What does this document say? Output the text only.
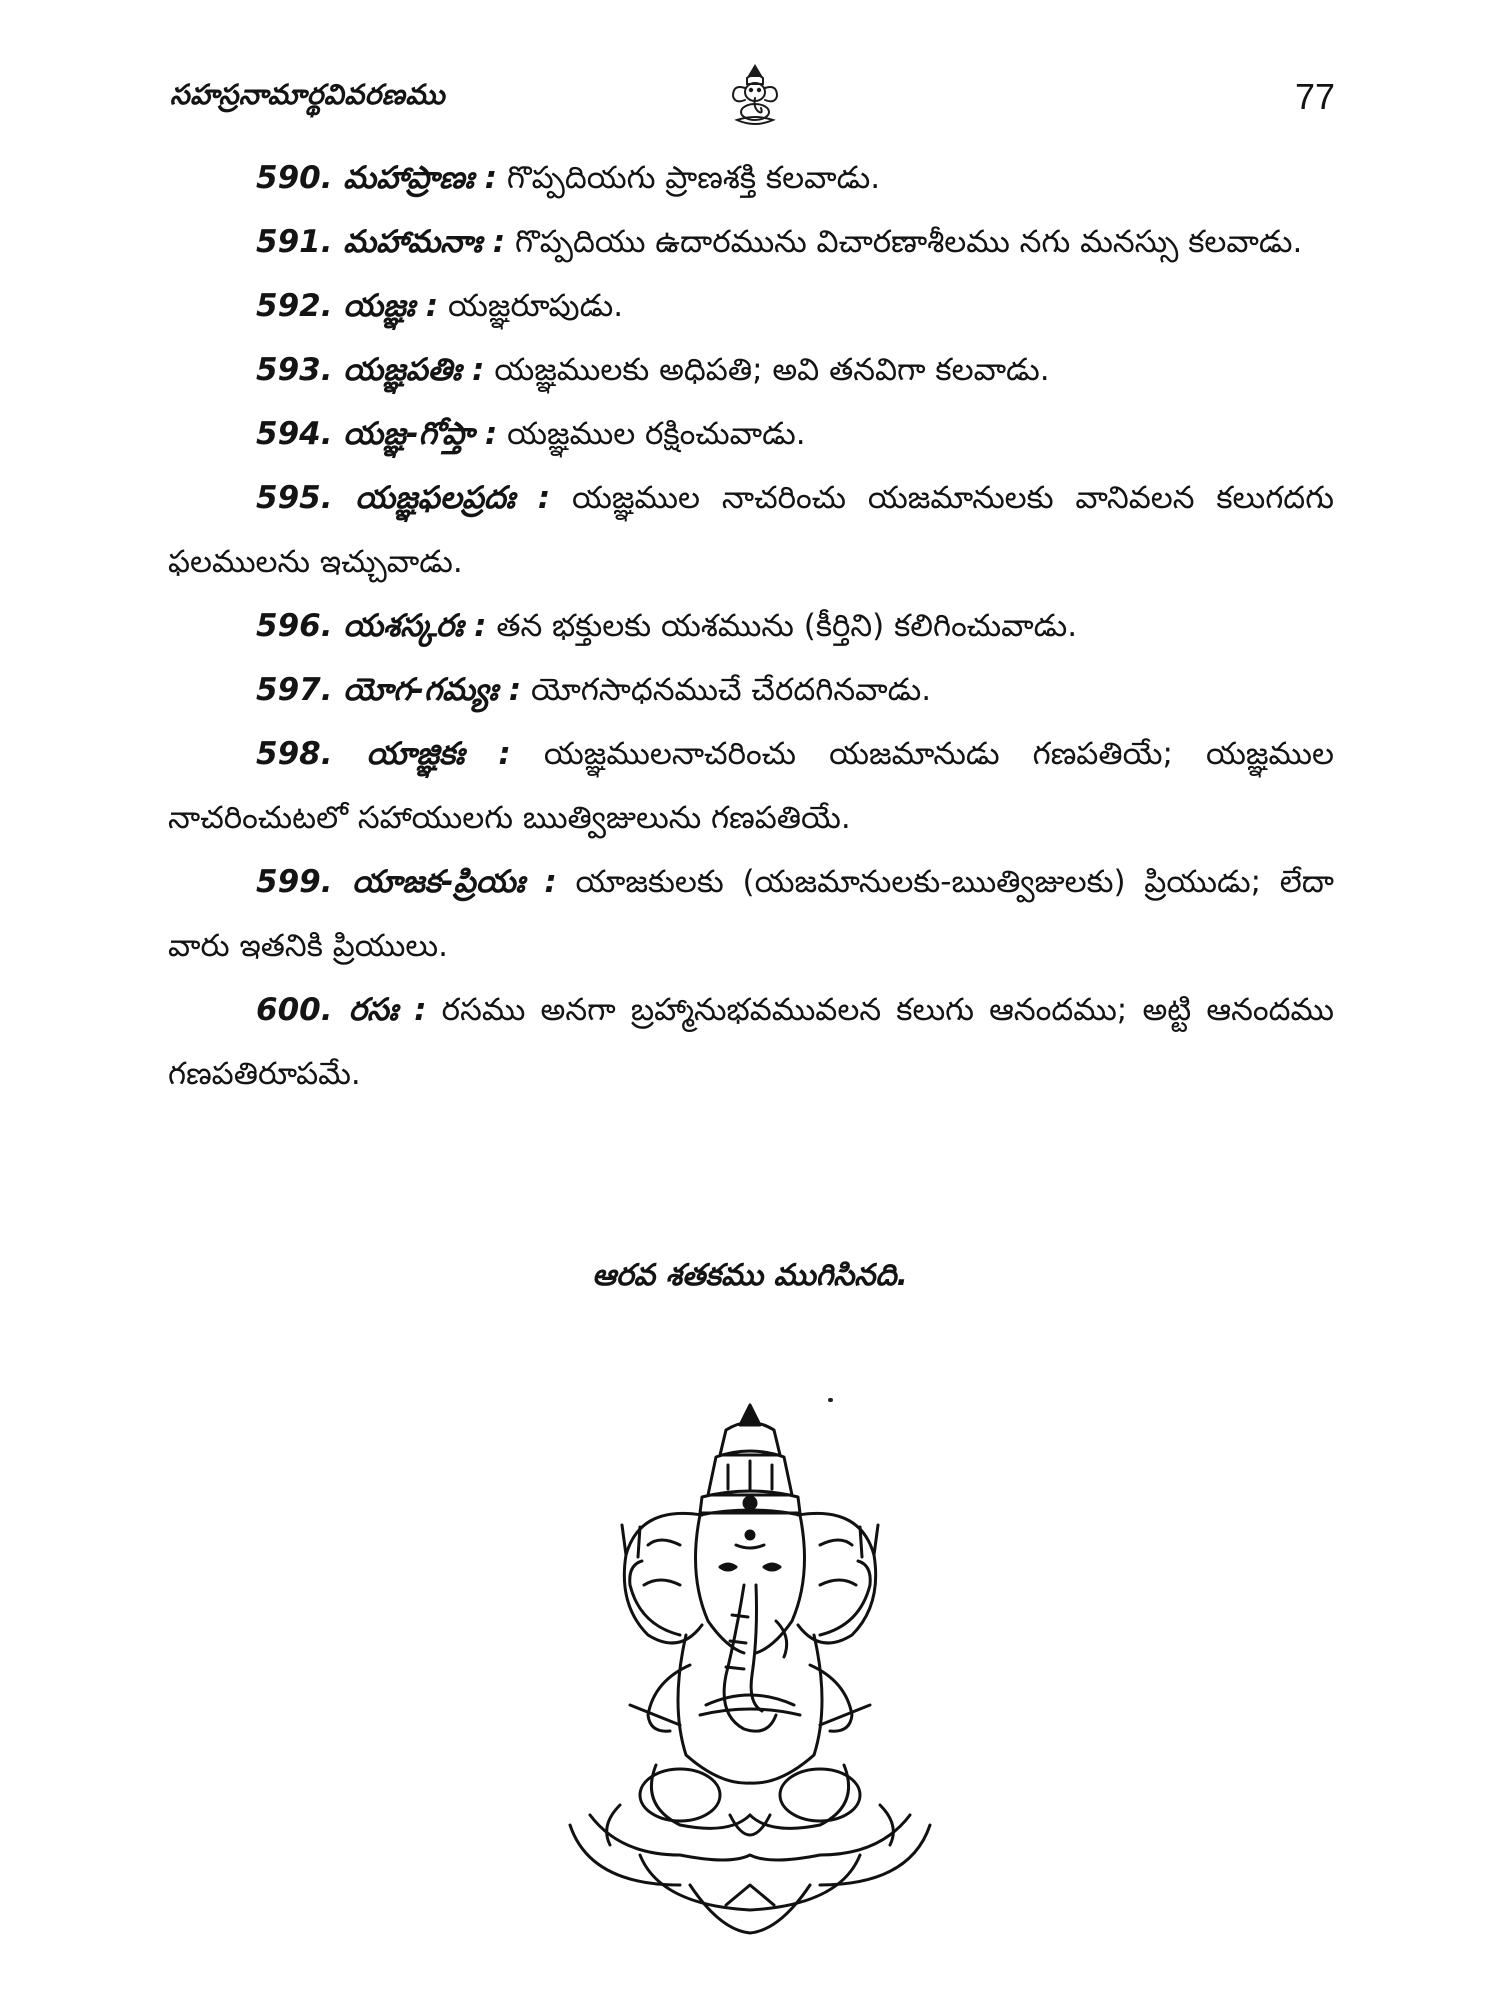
సహస్రనామార్థవివరణము	77

590. మహాప్రాణః : గొప్పదియగు ప్రాణశక్తి కలవాడు.

591. మహామనాః : గొప్పదియు ఉదారమును విచారణాశీలము నగు మనస్సు కలవాడు.

592. యజ్ఞః : యజ్ఞరూపుడు.

593. యజ్ఞపతిః : యజ్ఞములకు అధిపతి; అవి తనవిగా కలవాడు.

594. యజ్ఞ-గోప్తా : యజ్ఞముల రక్షించువాడు.

595. యజ్ఞఫలప్రదః : యజ్ఞముల నాచరించు యజమానులకు వానివలన కలుగదగు ఫలములను ఇచ్చువాడు.

596. యశస్కరః : తన భక్తులకు యశమును (కీర్తిని) కలిగించువాడు.

597. యోగ-గమ్యః : యోగసాధనముచే చేరదగినవాడు.

598. యాజ్ఞికః : యజ్ఞములనాచరించు యజమానుడు గణపతియే; యజ్ఞముల నాచరించుటలో సహాయులగు ఋత్విజులును గణపతియే.

599. యాజక-ప్రియః : యాజకులకు (యజమానులకు-ఋత్విజులకు) ప్రియుడు; లేదా వారు ఇతనికి ప్రియులు.

600. రసః : రసము అనగా బ్రహ్మానుభవమువలన కలుగు ఆనందము; అట్టి ఆనందము గణపతిరూపమే.

ఆరవ శతకము ముగిసినది.
